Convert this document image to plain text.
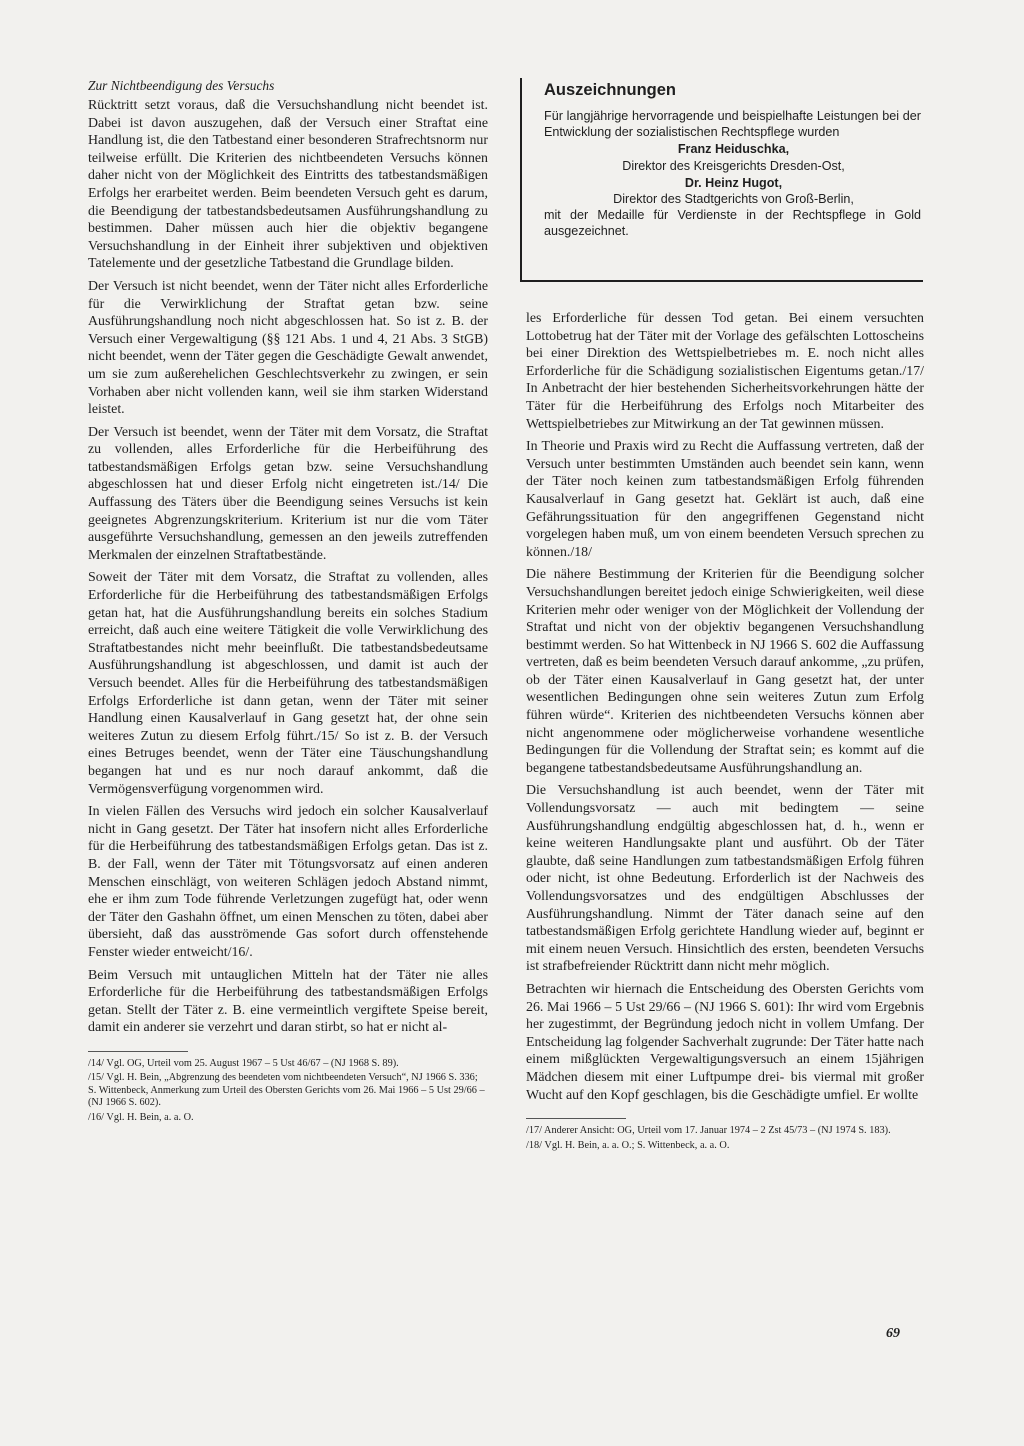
Zur Nichtbeendigung des Versuchs

Rücktritt setzt voraus, daß die Versuchshandlung nicht beendet ist. Dabei ist davon auszugehen, daß der Versuch einer Straftat eine Handlung ist, die den Tatbestand einer besonderen Strafrechtsnorm nur teilweise erfüllt. Die Kriterien des nichtbeendeten Versuchs können daher nicht von der Möglichkeit des Eintritts des tatbestandsmäßigen Erfolgs her erarbeitet werden. Beim beendeten Versuch geht es darum, die Beendigung der tatbestandsbedeutsamen Ausführungshandlung zu bestimmen. Daher müssen auch hier die objektiv begangene Versuchshandlung in der Einheit ihrer subjektiven und objektiven Tatelemente und der gesetzliche Tatbestand die Grundlage bilden.

Der Versuch ist nicht beendet, wenn der Täter nicht alles Erforderliche für die Verwirklichung der Straftat getan bzw. seine Ausführungshandlung noch nicht abgeschlossen hat. So ist z. B. der Versuch einer Vergewaltigung (§§ 121 Abs. 1 und 4, 21 Abs. 3 StGB) nicht beendet, wenn der Täter gegen die Geschädigte Gewalt anwendet, um sie zum außerehelichen Geschlechtsverkehr zu zwingen, er sein Vorhaben aber nicht vollenden kann, weil sie ihm starken Widerstand leistet.

Der Versuch ist beendet, wenn der Täter mit dem Vorsatz, die Straftat zu vollenden, alles Erforderliche für die Herbeiführung des tatbestandsmäßigen Erfolgs getan bzw. seine Versuchshandlung abgeschlossen hat und dieser Erfolg nicht eingetreten ist./14/ Die Auffassung des Täters über die Beendigung seines Versuchs ist kein geeignetes Abgrenzungskriterium. Kriterium ist nur die vom Täter ausgeführte Versuchshandlung, gemessen an den jeweils zutreffenden Merkmalen der einzelnen Straftatbestände.

Soweit der Täter mit dem Vorsatz, die Straftat zu vollenden, alles Erforderliche für die Herbeiführung des tatbestandsmäßigen Erfolgs getan hat, hat die Ausführungshandlung bereits ein solches Stadium erreicht, daß auch eine weitere Tätigkeit die volle Verwirklichung des Straftatbestandes nicht mehr beeinflußt. Die tatbestandsbedeutsame Ausführungshandlung ist abgeschlossen, und damit ist auch der Versuch beendet. Alles für die Herbeiführung des tatbestandsmäßigen Erfolgs Erforderliche ist dann getan, wenn der Täter mit seiner Handlung einen Kausalverlauf in Gang gesetzt hat, der ohne sein weiteres Zutun zu diesem Erfolg führt./15/ So ist z. B. der Versuch eines Betruges beendet, wenn der Täter eine Täuschungshandlung begangen hat und es nur noch darauf ankommt, daß die Vermögensverfügung vorgenommen wird.

In vielen Fällen des Versuchs wird jedoch ein solcher Kausalverlauf nicht in Gang gesetzt. Der Täter hat insofern nicht alles Erforderliche für die Herbeiführung des tatbestandsmäßigen Erfolgs getan. Das ist z. B. der Fall, wenn der Täter mit Tötungsvorsatz auf einen anderen Menschen einschlägt, von weiteren Schlägen jedoch Abstand nimmt, ehe er ihm zum Tode führende Verletzungen zugefügt hat, oder wenn der Täter den Gashahn öffnet, um einen Menschen zu töten, dabei aber übersieht, daß das ausströmende Gas sofort durch offenstehende Fenster wieder entweicht/16/.

Beim Versuch mit untauglichen Mitteln hat der Täter nie alles Erforderliche für die Herbeiführung des tatbestandsmäßigen Erfolgs getan. Stellt der Täter z. B. eine vermeintlich vergiftete Speise bereit, damit ein anderer sie verzehrt und daran stirbt, so hat er nicht al-

/14/ Vgl. OG, Urteil vom 25. August 1967 – 5 Ust 46/67 – (NJ 1968 S. 89).

/15/ Vgl. H. Bein, „Abgrenzung des beendeten vom nichtbeendeten Versuch“, NJ 1966 S. 336; S. Wittenbeck, Anmerkung zum Urteil des Obersten Gerichts vom 26. Mai 1966 – 5 Ust 29/66 – (NJ 1966 S. 602).

/16/ Vgl. H. Bein, a. a. O.

Auszeichnungen

Für langjährige hervorragende und beispielhafte Leistungen bei der Entwicklung der sozialistischen Rechtspflege wurden

Franz Heiduschka,

Direktor des Kreisgerichts Dresden-Ost,

Dr. Heinz Hugot,

Direktor des Stadtgerichts von Groß-Berlin,

mit der Medaille für Verdienste in der Rechtspflege in Gold ausgezeichnet.

les Erforderliche für dessen Tod getan. Bei einem versuchten Lottobetrug hat der Täter mit der Vorlage des gefälschten Lottoscheins bei einer Direktion des Wettspielbetriebes m. E. noch nicht alles Erforderliche für die Schädigung sozialistischen Eigentums getan./17/ In Anbetracht der hier bestehenden Sicherheitsvorkehrungen hätte der Täter für die Herbeiführung des Erfolgs noch Mitarbeiter des Wettspielbetriebes zur Mitwirkung an der Tat gewinnen müssen.

In Theorie und Praxis wird zu Recht die Auffassung vertreten, daß der Versuch unter bestimmten Umständen auch beendet sein kann, wenn der Täter noch keinen zum tatbestandsmäßigen Erfolg führenden Kausalverlauf in Gang gesetzt hat. Geklärt ist auch, daß eine Gefährungssituation für den angegriffenen Gegenstand nicht vorgelegen haben muß, um von einem beendeten Versuch sprechen zu können./18/

Die nähere Bestimmung der Kriterien für die Beendigung solcher Versuchshandlungen bereitet jedoch einige Schwierigkeiten, weil diese Kriterien mehr oder weniger von der Möglichkeit der Vollendung der Straftat und nicht von der objektiv begangenen Versuchshandlung bestimmt werden. So hat Wittenbeck in NJ 1966 S. 602 die Auffassung vertreten, daß es beim beendeten Versuch darauf ankomme, „zu prüfen, ob der Täter einen Kausalverlauf in Gang gesetzt hat, der unter wesentlichen Bedingungen ohne sein weiteres Zutun zum Erfolg führen würde“. Kriterien des nichtbeendeten Versuchs können aber nicht angenommene oder möglicherweise vorhandene wesentliche Bedingungen für die Vollendung der Straftat sein; es kommt auf die begangene tatbestandsbedeutsame Ausführungshandlung an.

Die Versuchshandlung ist auch beendet, wenn der Täter mit Vollendungsvorsatz — auch mit bedingtem — seine Ausführungshandlung endgültig abgeschlossen hat, d. h., wenn er keine weiteren Handlungsakte plant und ausführt. Ob der Täter glaubte, daß seine Handlungen zum tatbestandsmäßigen Erfolg führen oder nicht, ist ohne Bedeutung. Erforderlich ist der Nachweis des Vollendungsvorsatzes und des endgültigen Abschlusses der Ausführungshandlung. Nimmt der Täter danach seine auf den tatbestandsmäßigen Erfolg gerichtete Handlung wieder auf, beginnt er mit einem neuen Versuch. Hinsichtlich des ersten, beendeten Versuchs ist strafbefreiender Rücktritt dann nicht mehr möglich.

Betrachten wir hiernach die Entscheidung des Obersten Gerichts vom 26. Mai 1966 – 5 Ust 29/66 – (NJ 1966 S. 601): Ihr wird vom Ergebnis her zugestimmt, der Begründung jedoch nicht in vollem Umfang. Der Entscheidung lag folgender Sachverhalt zugrunde: Der Täter hatte nach einem mißglückten Vergewaltigungsversuch an einem 15jährigen Mädchen diesem mit einer Luftpumpe drei- bis viermal mit großer Wucht auf den Kopf geschlagen, bis die Geschädigte umfiel. Er wollte

/17/ Anderer Ansicht: OG, Urteil vom 17. Januar 1974 – 2 Zst 45/73 – (NJ 1974 S. 183).

/18/ Vgl. H. Bein, a. a. O.; S. Wittenbeck, a. a. O.

69
